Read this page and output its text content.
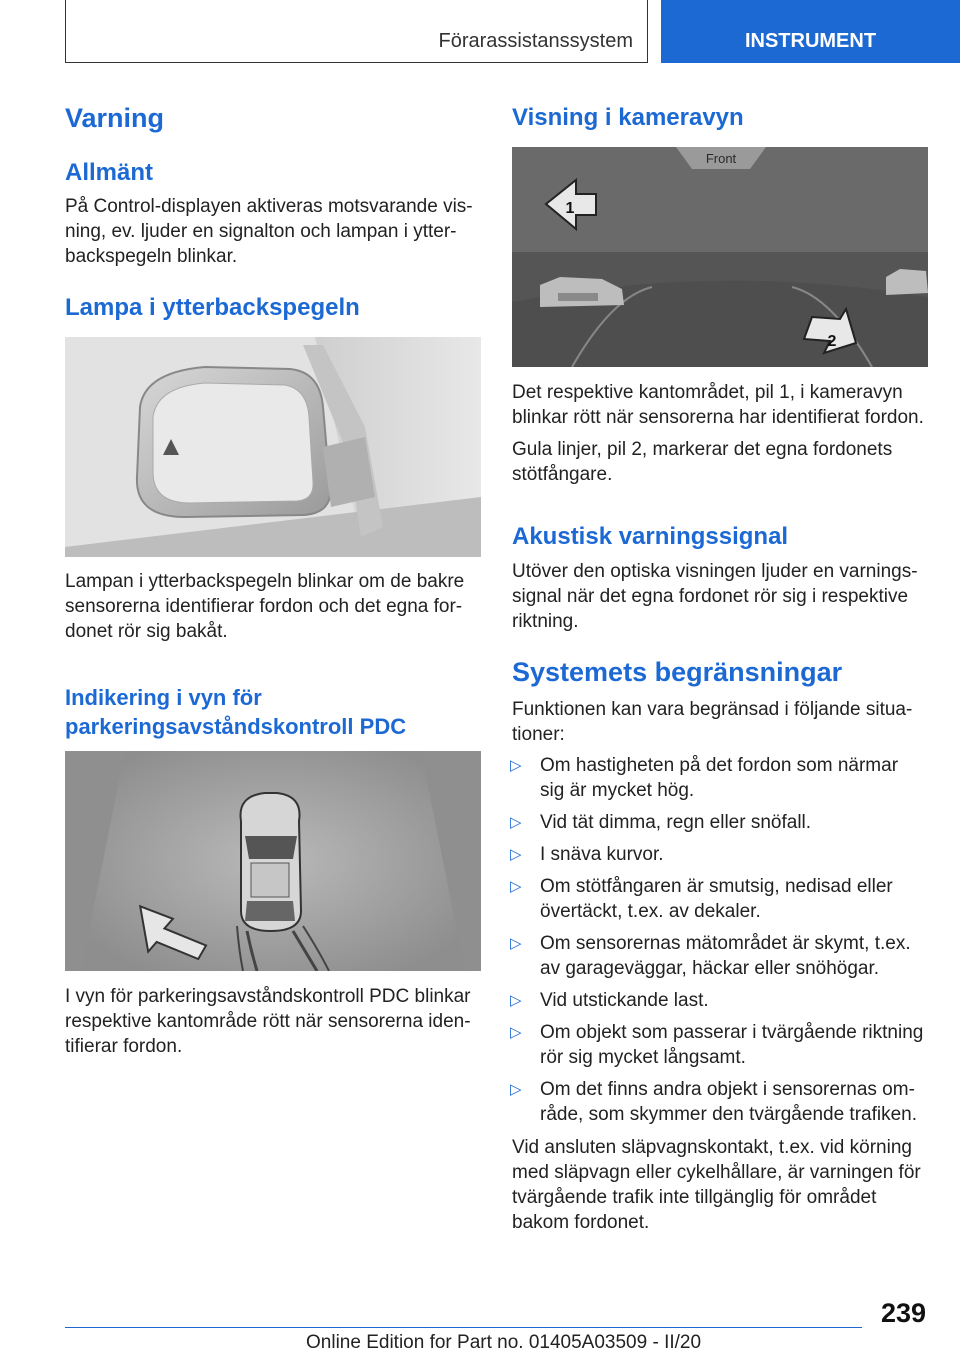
Förarassistanssystem	INSTRUMENT
Varning
Allmänt
På Control-displayen aktiveras motsvarande vis-
ning, ev. ljuder en signalton och lampan i ytter-
backspegeln blinkar.
Lampa i ytterbackspegeln
Lampan i ytterbackspegeln blinkar om de bakre
sensorerna identifierar fordon och det egna for-
donet rör sig bakåt.
Indikering i vyn för
parkeringsavståndskontroll PDC
I vyn för parkeringsavståndskontroll PDC blinkar
respektive kantområde rött när sensorerna iden-
tifierar fordon.
Visning i kameravyn
Front
1
2
Det respektive kantområdet, pil 1, i kameravyn
blinkar rött när sensorerna har identifierat fordon.
Gula linjer, pil 2, markerar det egna fordonets
stötfångare.
Akustisk varningssignal
Utöver den optiska visningen ljuder en varnings-
signal när det egna fordonet rör sig i respektive
riktning.
Systemets begränsningar
Funktionen kan vara begränsad i följande situa-
tioner:
▷ Om hastigheten på det fordon som närmar
sig är mycket hög.
▷ Vid tät dimma, regn eller snöfall.
▷ I snäva kurvor.
▷ Om stötfångaren är smutsig, nedisad eller
övertäckt, t.ex. av dekaler.
▷ Om sensorernas mätområdet är skymt, t.ex.
av garageväggar, häckar eller snöhögar.
▷ Vid utstickande last.
▷ Om objekt som passerar i tvärgående riktning
rör sig mycket långsamt.
▷ Om det finns andra objekt i sensorernas om-
råde, som skymmer den tvärgående trafiken.
Vid ansluten släpvagnskontakt, t.ex. vid körning
med släpvagn eller cykelhållare, är varningen för
tvärgående trafik inte tillgänglig för området
bakom fordonet.
239
Online Edition for Part no. 01405A03509 - II/20
